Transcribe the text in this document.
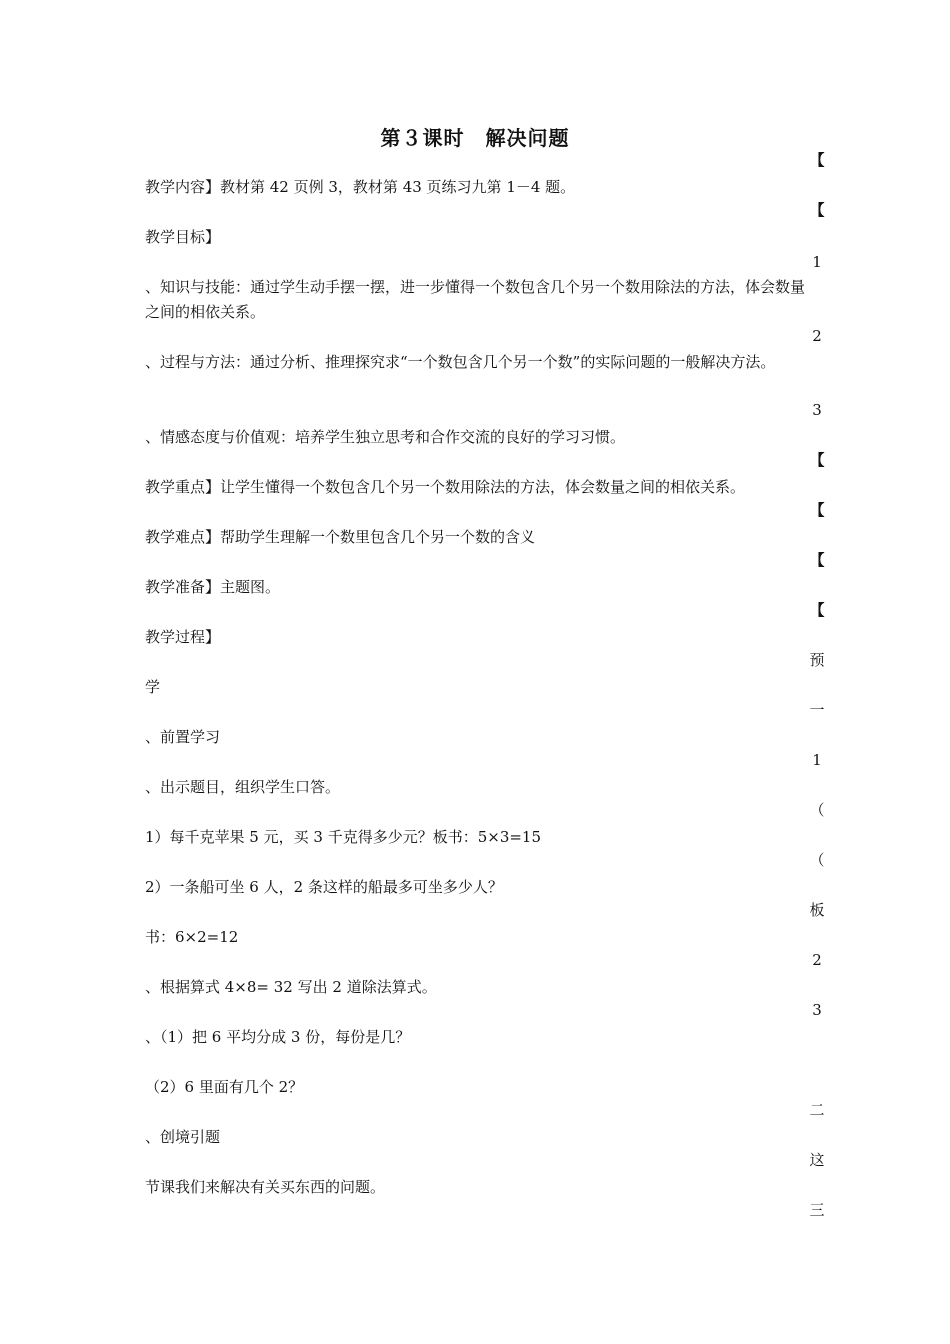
第３课时　解决问题
教学内容】教材第 42 页例 3，教材第 43 页练习九第 1－4 题。
教学目标】
、知识与技能：通过学生动手摆一摆，进一步懂得一个数包含几个另一个数用除法的方法，体会数量之间的相依关系。
、过程与方法：通过分析、推理探究求“一个数包含几个另一个数”的实际问题的一般解决方法。
、情感态度与价值观：培养学生独立思考和合作交流的良好的学习习惯。
教学重点】让学生懂得一个数包含几个另一个数用除法的方法，体会数量之间的相依关系。
教学难点】帮助学生理解一个数里包含几个另一个数的含义
教学准备】主题图。
教学过程】
学
、前置学习
、出示题目，组织学生口答。
1）每千克苹果 5 元，买 3 千克得多少元？板书：5×3=15
2）一条船可坐 6 人，2 条这样的船最多可坐多少人？
书：6×2=12
、根据算式 4×8= 32 写出 2 道除法算式。
、（1）把 6 平均分成 3 份，每份是几？
（2）6 里面有几个 2？
、创境引题
节课我们来解决有关买东西的问题。
【
【
1
2
3
【
【
【
【
预
一
1
（
（
板
2
3
二
这
三
